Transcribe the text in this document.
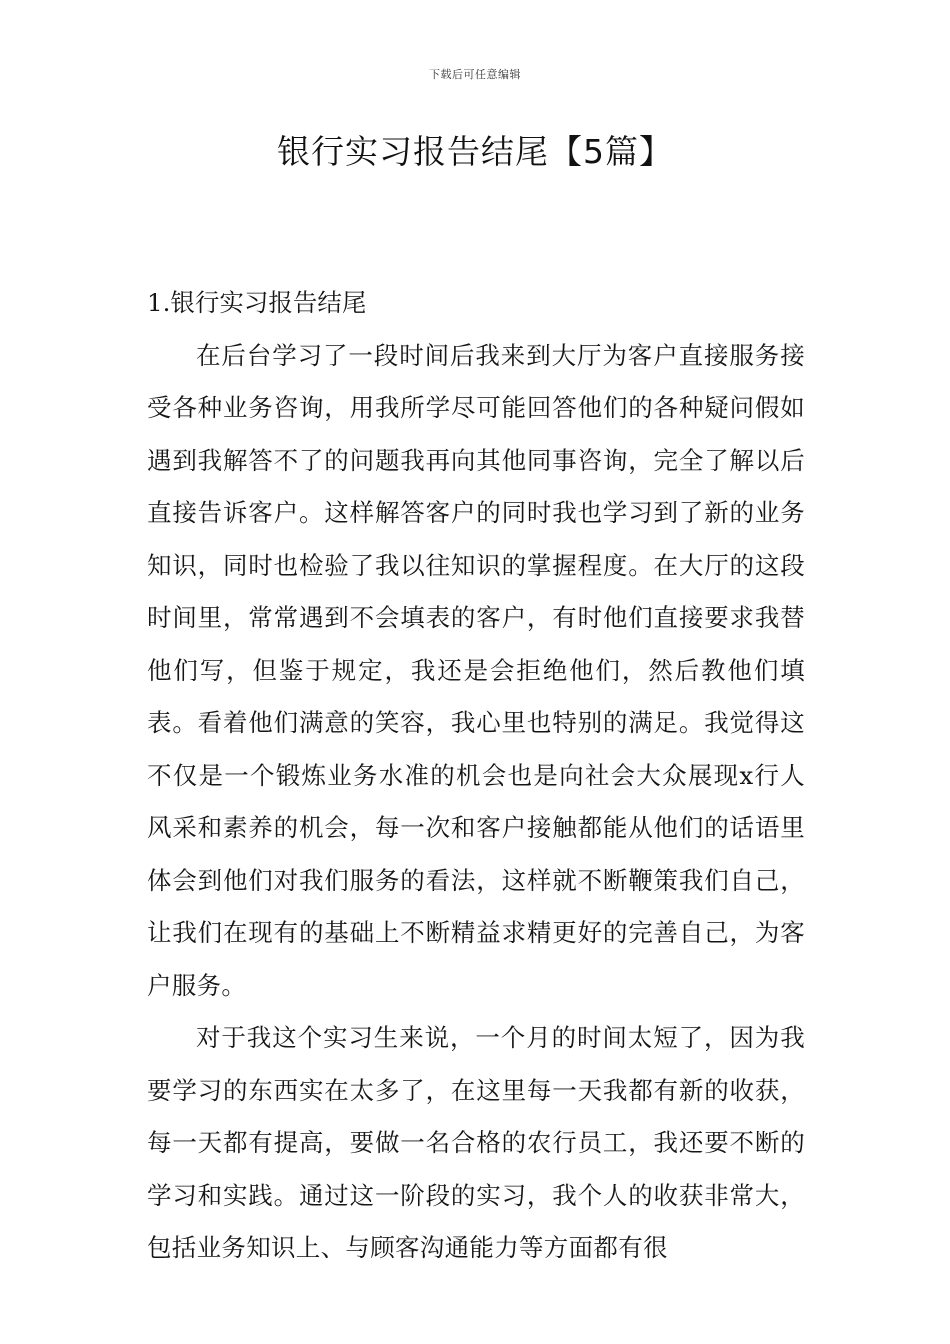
下载后可任意编辑
银行实习报告结尾【5篇】

1.银行实习报告结尾

在后台学习了一段时间后我来到大厅为客户直接服务接受各种业务咨询，用我所学尽可能回答他们的各种疑问假如遇到我解答不了的问题我再向其他同事咨询，完全了解以后直接告诉客户。这样解答客户的同时我也学习到了新的业务知识，同时也检验了我以往知识的掌握程度。在大厅的这段时间里，常常遇到不会填表的客户，有时他们直接要求我替他们写，但鉴于规定，我还是会拒绝他们，然后教他们填表。看着他们满意的笑容，我心里也特别的满足。我觉得这不仅是一个锻炼业务水准的机会也是向社会大众展现x行人风采和素养的机会，每一次和客户接触都能从他们的话语里体会到他们对我们服务的看法，这样就不断鞭策我们自己，让我们在现有的基础上不断精益求精更好的完善自己，为客户服务。

对于我这个实习生来说，一个月的时间太短了，因为我要学习的东西实在太多了，在这里每一天我都有新的收获，每一天都有提高，要做一名合格的农行员工，我还要不断的学习和实践。通过这一阶段的实习，我个人的收获非常大，包括业务知识上、与顾客沟通能力等方面都有很
